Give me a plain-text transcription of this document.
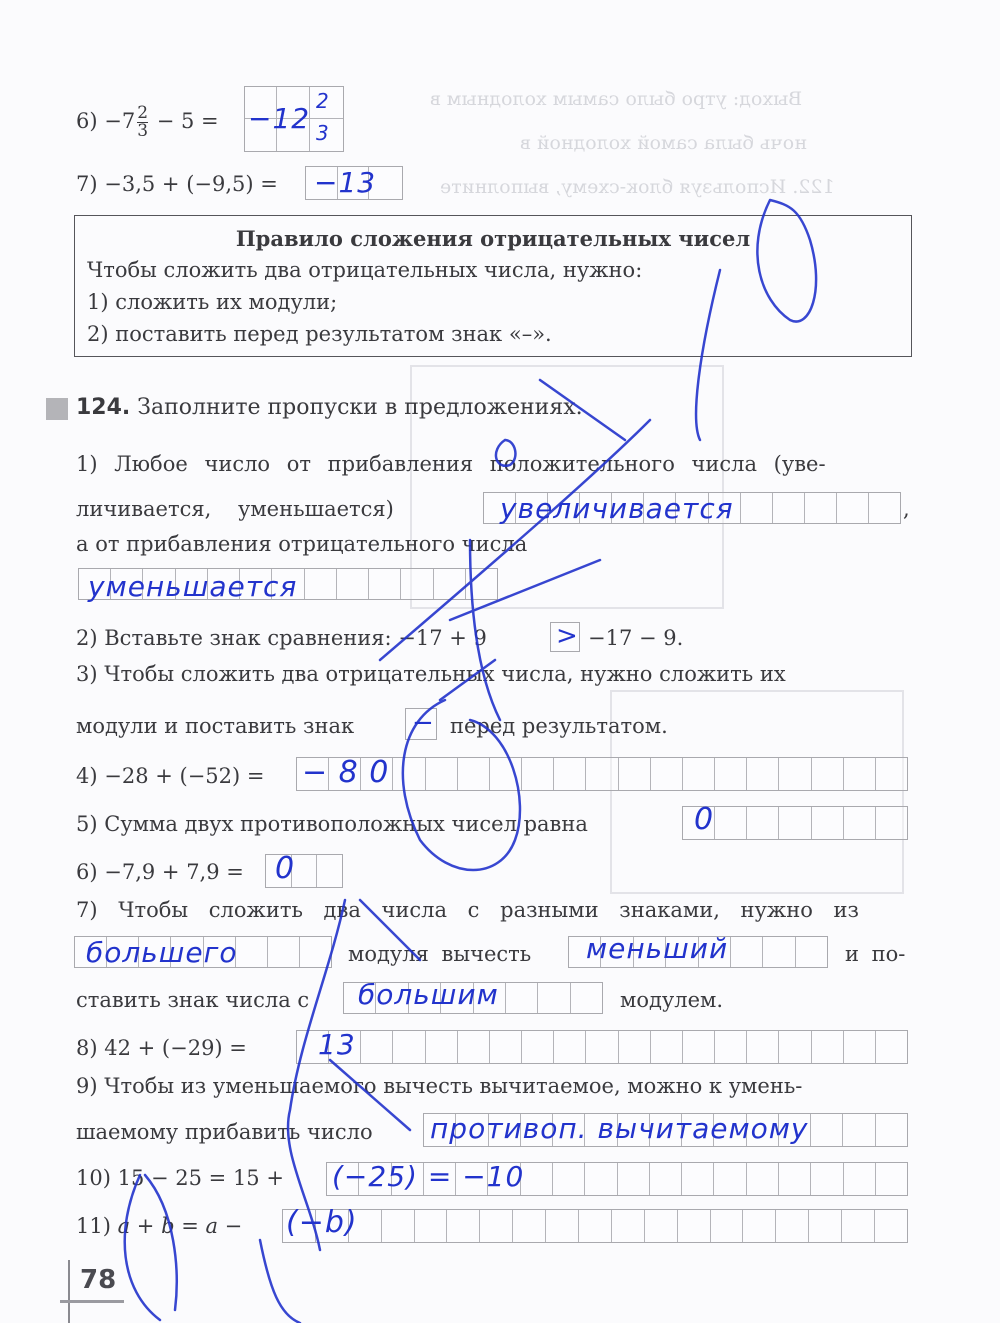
Выход: утро было самым холодным в
ночь была самой холодной в
122. Используя блок-схему, выполните
$6) -7 \frac{2}{3} - 5 = -12$
2
3
7) −3,5 + (−9,5) = −13
Правило сложения отрицательных чисел
Чтобы сложить два отрицательных числа, нужно:
1) сложить их модули;
2) поставить перед результатом знак «–».
124. Заполните пропуски в предложениях.
1) Любое число от прибавления положительного числа (уве-
личивается,    уменьшается)	,
увеличивается
а от прибавления отрицательного числа
уменьшается
2) Вставьте знак сравнения: −17 + 9	> −17 − 9.
3) Чтобы сложить два отрицательных числа, нужно сложить их
модули и поставить знак − перед результатом.
4) −28 + (−52) = − 8 0
5) Сумма двух противоположных чисел равна	0
6) −7,9 + 7,9 = 0
7) Чтобы сложить два числа с разными знаками, нужно из
большего	модуля вычесть меньший	и по-
ставить знак числа с большим	модулем.
8) 42 + (−29) =	13
9) Чтобы из уменьшаемого вычесть вычитаемое, можно к умень-
шаемому прибавить число противоп. вычитаемому
10) 15 − 25 = 15 + (−25) = −10
11) a + b = a − (−b)
78
